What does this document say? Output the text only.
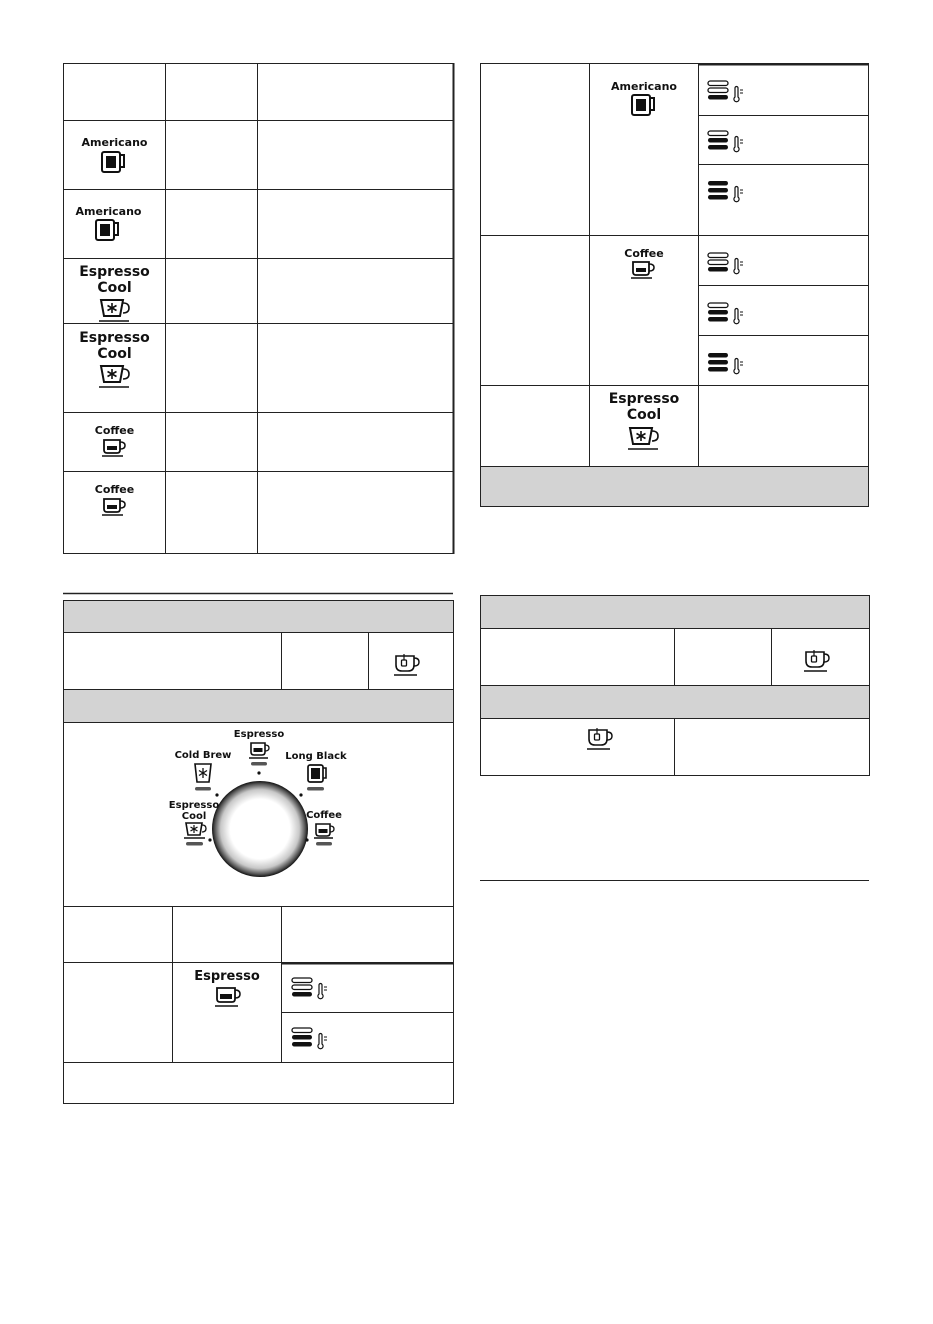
Americano
Americano
Espresso
Cool
Espresso
Cool
Coffee
Coffee
Americano
Coffee
Espresso
Cool
Espresso
Cold Brew	Long Black
Espresso
Cool	Coffee
Espresso
